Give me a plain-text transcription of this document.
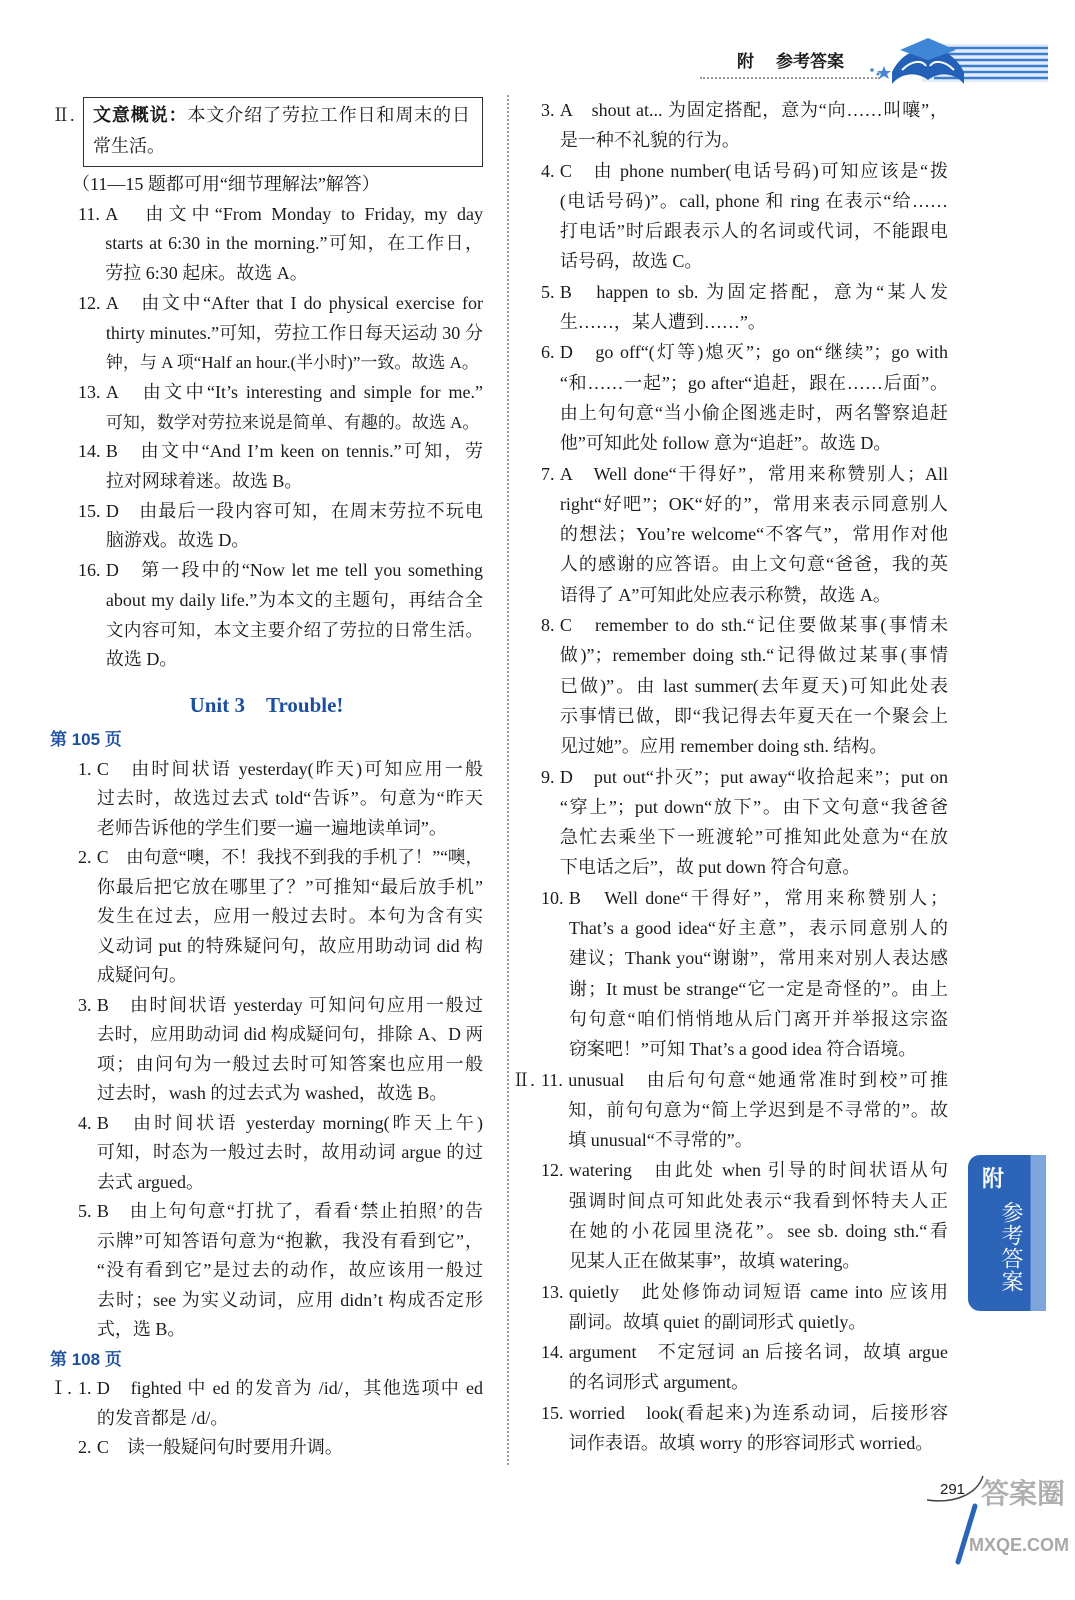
附 参考答案
Ⅱ. 文意概说：本文介绍了劳拉工作日和周末的日
常生活。
（11—15 题都可用“细节理解法”解答）
11. A　由文中“From Monday to Friday, my day
starts at 6:30 in the morning.”可知，在工作日，
劳拉 6:30 起床。故选 A。
12. A　由文中“After that I do physical exercise for
thirty minutes.”可知，劳拉工作日每天运动 30 分
钟，与 A 项“Half an hour.(半小时)”一致。故选 A。
13. A　由文中“It’s interesting and simple for me.”
可知，数学对劳拉来说是简单、有趣的。故选 A。
14. B　由文中“And I’m keen on tennis.”可知，劳
拉对网球着迷。故选 B。
15. D　由最后一段内容可知，在周末劳拉不玩电
脑游戏。故选 D。
16. D　第一段中的“Now let me tell you something
about my daily life.”为本文的主题句，再结合全
文内容可知，本文主要介绍了劳拉的日常生活。
故选 D。
Unit 3　Trouble!
第 105 页
1. C　由时间状语 yesterday(昨天)可知应用一般
过去时，故选过去式 told“告诉”。句意为“昨天
老师告诉他的学生们要一遍一遍地读单词”。
2. C　由句意“噢，不！我找不到我的手机了！”“噢，
你最后把它放在哪里了？”可推知“最后放手机”
发生在过去，应用一般过去时。本句为含有实
义动词 put 的特殊疑问句，故应用助动词 did 构
成疑问句。
3. B　由时间状语 yesterday 可知问句应用一般过
去时，应用助动词 did 构成疑问句，排除 A、D 两
项；由问句为一般过去时可知答案也应用一般
过去时，wash 的过去式为 washed，故选 B。
4. B　由时间状语 yesterday morning(昨天上午)
可知，时态为一般过去时，故用动词 argue 的过
去式 argued。
5. B　由上句句意“打扰了，看看‘禁止拍照’的告
示牌”可知答语句意为“抱歉，我没有看到它”，
“没有看到它”是过去的动作，故应该用一般过
去时；see 为实义动词，应用 didn’t 构成否定形
式，选 B。
第 108 页
Ⅰ. 1. D　fighted 中 ed 的发音为 /id/，其他选项中 ed
的发音都是 /d/。
2. C　读一般疑问句时要用升调。
3. A　shout at... 为固定搭配，意为“向……叫嚷”，
是一种不礼貌的行为。
4. C　由 phone number(电话号码)可知应该是“拨
(电话号码)”。call, phone 和 ring 在表示“给……
打电话”时后跟表示人的名词或代词，不能跟电
话号码，故选 C。
5. B　happen to sb. 为固定搭配，意为“某人发
生……，某人遭到……”。
6. D　go off“(灯等)熄灭”；go on“继续”；go with
“和……一起”；go after“追赶，跟在……后面”。
由上句句意“当小偷企图逃走时，两名警察追赶
他”可知此处 follow 意为“追赶”。故选 D。
7. A　Well done“干得好”，常用来称赞别人；All
right“好吧”；OK“好的”，常用来表示同意别人
的想法；You’re welcome“不客气”，常用作对他
人的感谢的应答语。由上文句意“爸爸，我的英
语得了 A”可知此处应表示称赞，故选 A。
8. C　remember to do sth.“记住要做某事(事情未
做)”；remember doing sth.“记得做过某事(事情
已做)”。由 last summer(去年夏天)可知此处表
示事情已做，即“我记得去年夏天在一个聚会上
见过她”。应用 remember doing sth. 结构。
9. D　put out“扑灭”；put away“收拾起来”；put on
“穿上”；put down“放下”。由下文句意“我爸爸
急忙去乘坐下一班渡轮”可推知此处意为“在放
下电话之后”，故 put down 符合句意。
10. B　Well done“干得好”，常用来称赞别人；
That’s a good idea“好主意”，表示同意别人的
建议；Thank you“谢谢”，常用来对别人表达感
谢；It must be strange“它一定是奇怪的”。由上
句句意“咱们悄悄地从后门离开并举报这宗盗
窃案吧！”可知 That’s a good idea 符合语境。
Ⅱ. 11. unusual　由后句句意“她通常准时到校”可推
知，前句句意为“简上学迟到是不寻常的”。故
填 unusual“不寻常的”。
12. watering　由此处 when 引导的时间状语从句
强调时间点可知此处表示“我看到怀特夫人正
在她的小花园里浇花”。see sb. doing sth.“看
见某人正在做某事”，故填 watering。
13. quietly　此处修饰动词短语 came into 应该用
副词。故填 quiet 的副词形式 quietly。
14. argument　不定冠词 an 后接名词，故填 argue
的名词形式 argument。
15. worried　look(看起来)为连系动词，后接形容
词作表语。故填 worry 的形容词形式 worried。
附
参考答案
291 答案圈
MXQE.COM
